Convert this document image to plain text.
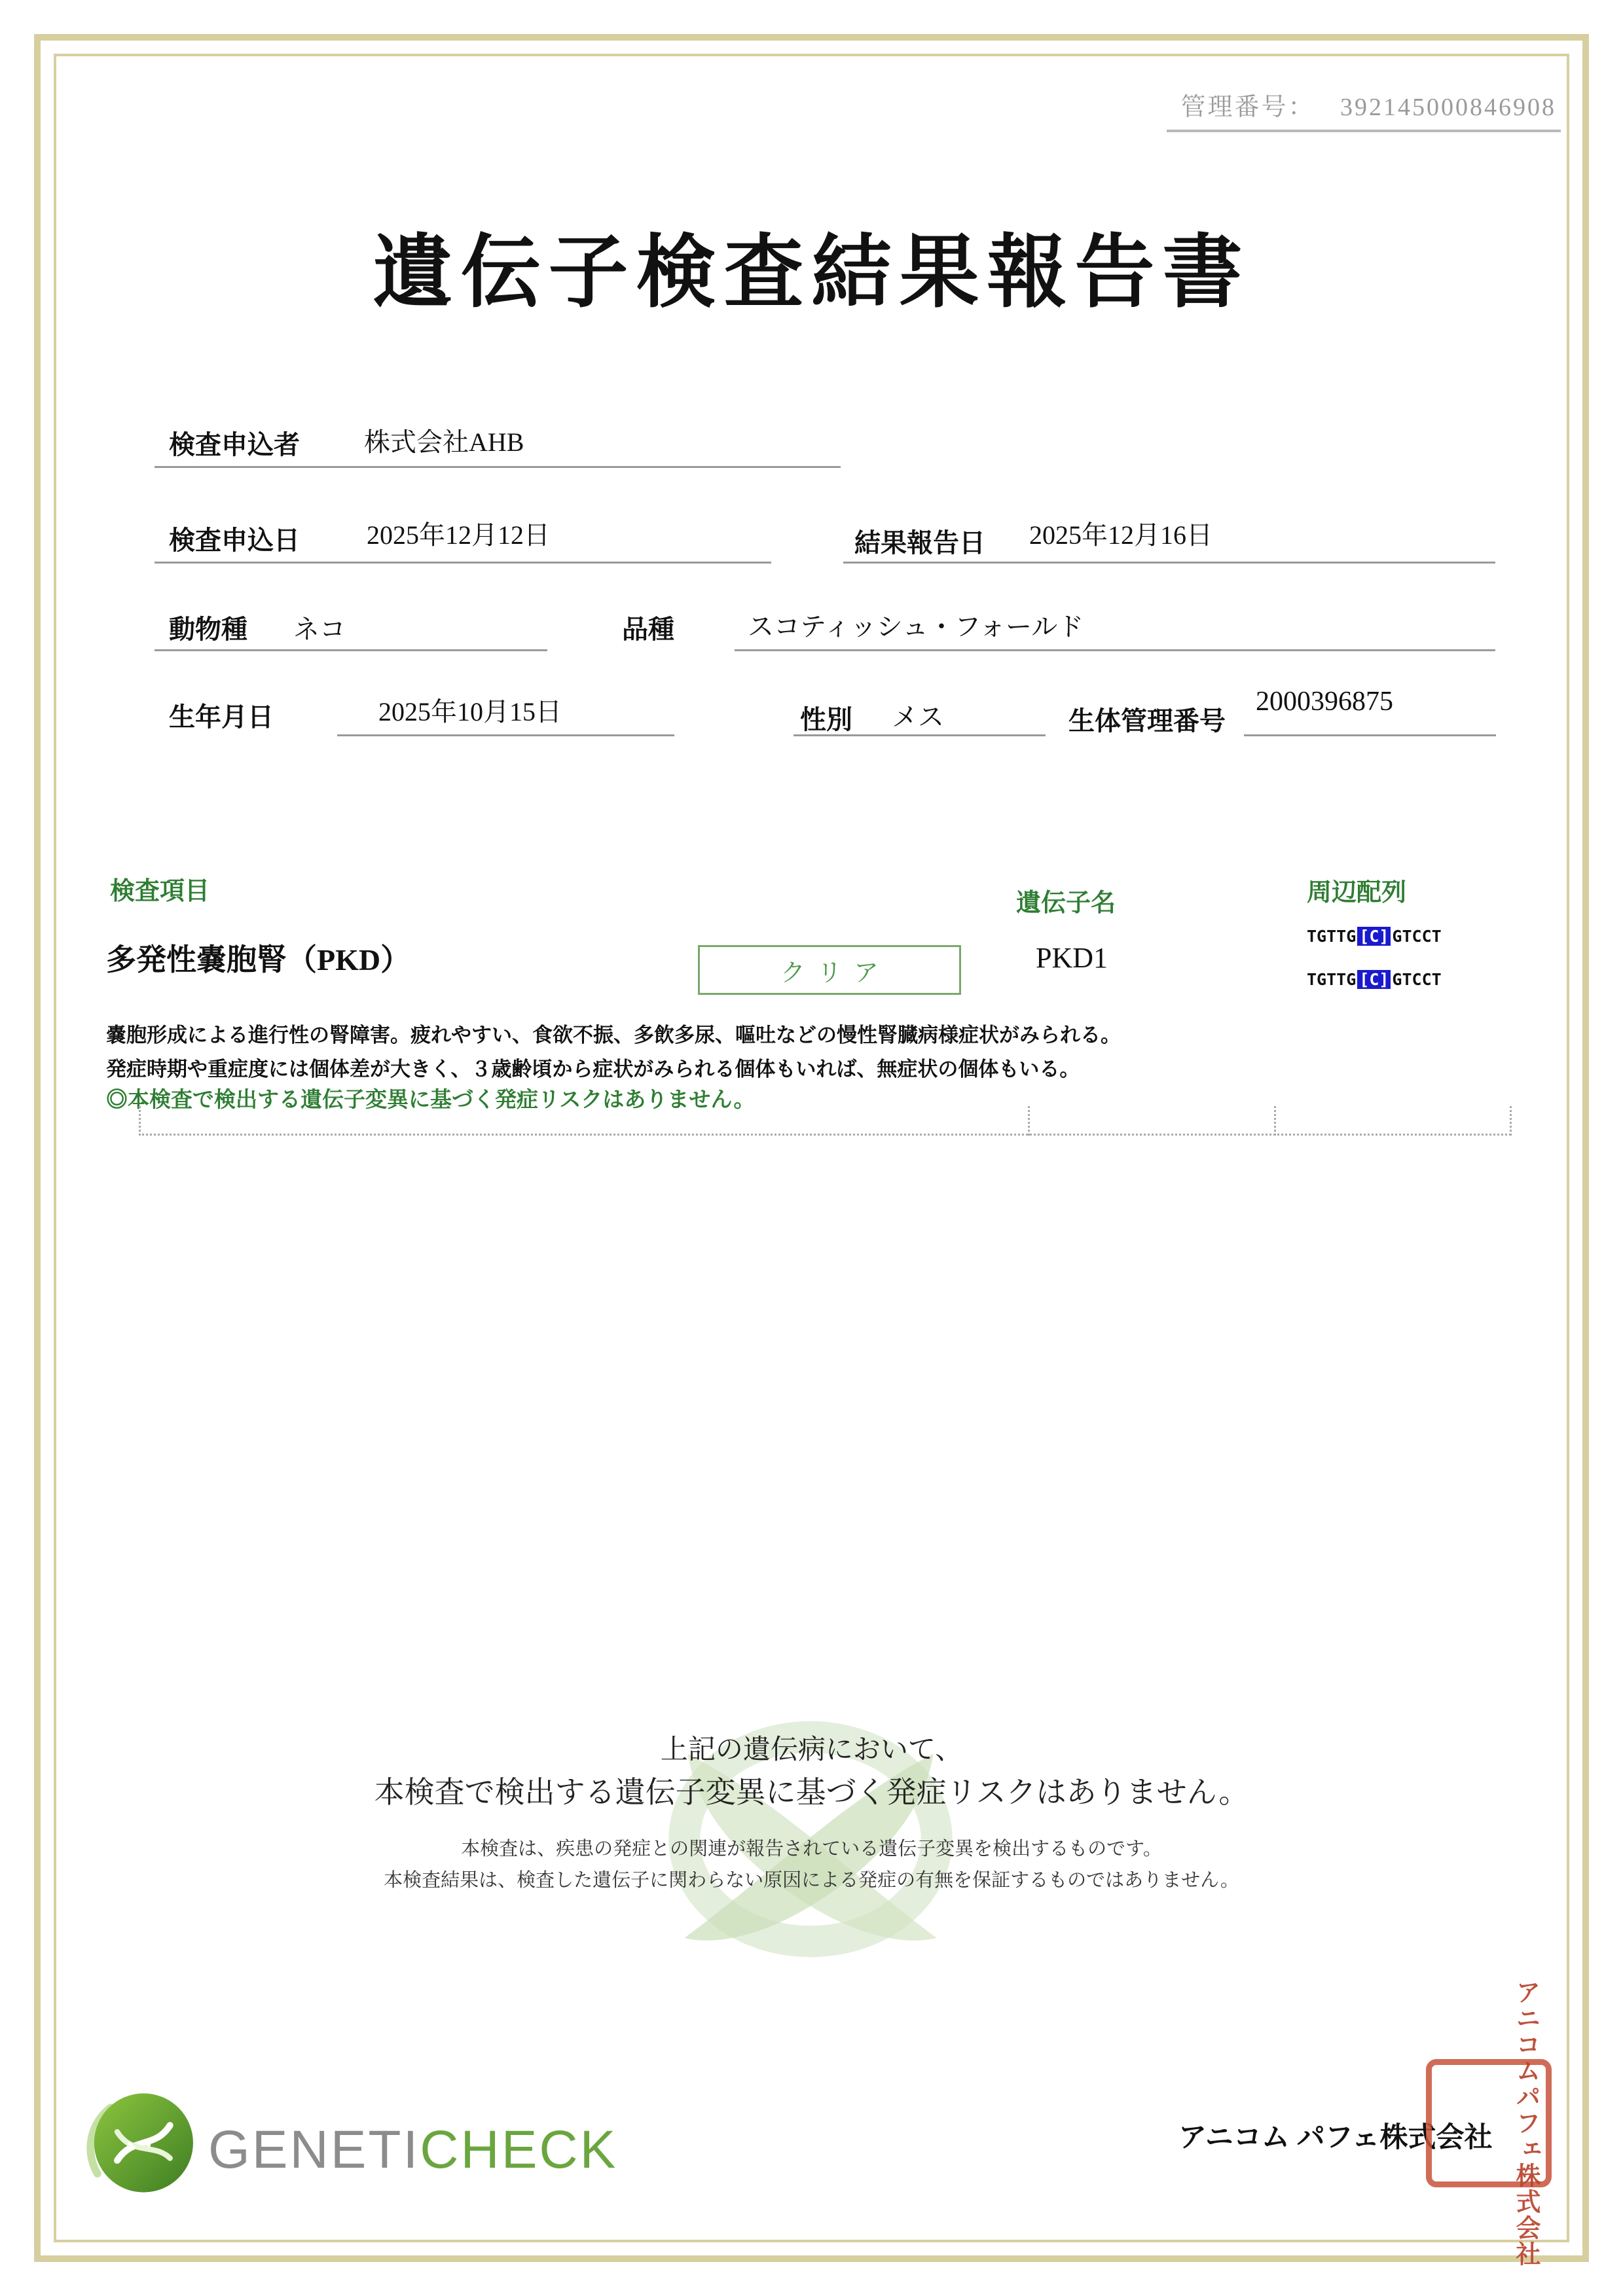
管理番号： 392145000846908
遺伝子検査結果報告書
検査申込者 株式会社AHB
検査申込日	2025年12月12日	結果報告日 2025年12月16日
動物種 ネコ	品種	スコティッシュ・フォールド
生年月日	2025年10月15日	性別 メス	生体管理番号
2000396875
検査項目	遺伝子名	周辺配列
多発性嚢胞腎（PKD）	クリア	PKD1
TGTTG [C] GTCCT
TGTTG [C] GTCCT
嚢胞形成による進行性の腎障害。疲れやすい、食欲不振、多飲多尿、嘔吐などの慢性腎臓病様症状がみられる。
発症時期や重症度には個体差が大きく、３歳齢頃から症状がみられる個体もいれば、無症状の個体もいる。
◎本検査で検出する遺伝子変異に基づく発症リスクはありません。
上記の遺伝病において、
本検査で検出する遺伝子変異に基づく発症リスクはありません。
本検査は、疾患の発症との関連が報告されている遺伝子変異を検出するものです。
本検査結果は、検査した遺伝子に関わらない原因による発症の有無を保証するものではありません。
GENETICHECK	アニコム パフェ株式会社
アニコム
パフェ
株式会社
